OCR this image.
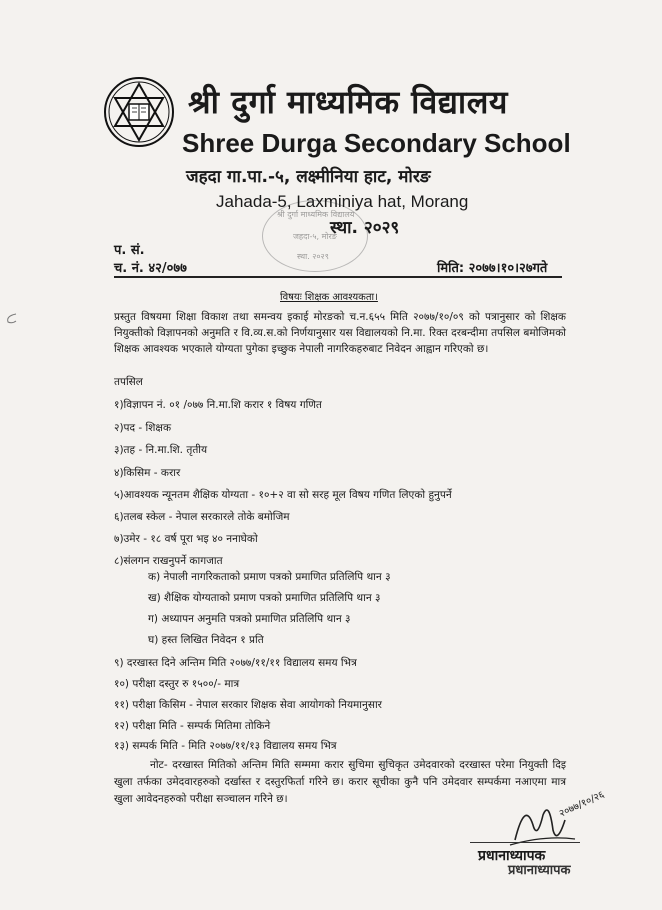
श्री दुर्गा माध्यमिक विद्यालय
Shree Durga Secondary School
जहदा गा.पा.-५, लक्ष्मीनिया हाट, मोरङ
श्री दुर्गा माध्यमिक विद्यालय
जहदा-५, मोरङ
स्था. २०२९
Jahada-5, Laxminiya hat, Morang
स्था. २०२९
प. सं.
च. नं. ४२/०७७	मिति: २०७७।१०।२७गते
विषयः शिक्षक आवश्यकता।
प्रस्तुत विषयमा शिक्षा विकाश तथा समन्वय इकाई मोरङको च.न.६५५ मिति २०७७/१०/०९ को पत्रानुसार को शिक्षक नियुक्तीको विज्ञापनको अनुमति र वि.व्य.स.को निर्णयानुसार यस विद्यालयको नि.मा. रिक्त दरबन्दीमा तपसिल बमोजिमको शिक्षक आवश्यक भएकाले योग्यता पुगेका इच्छुक नेपाली नागरिकहरुबाट निवेदन आह्वान गरिएको छ।
तपसिल
१)विज्ञापन नं. ०१ /०७७ नि.मा.शि करार १ विषय गणित
२)पद - शिक्षक
३)तह - नि.मा.शि. तृतीय
४)किसिम - करार
५)आवश्यक न्यूनतम शैक्षिक योग्यता - १०+२ वा सो सरह मूल विषय गणित लिएको हुनुपर्ने
६)तलब स्केल - नेपाल सरकारले तोके बमोजिम
७)उमेर - १८ वर्ष पूरा भइ ४० ननाघेको
८)संलगन राखनुपर्ने कागजात
क) नेपाली नागरिकताको प्रमाण पत्रको प्रमाणित प्रतिलिपि थान ३
ख) शैक्षिक योग्यताको प्रमाण पत्रको प्रमाणित प्रतिलिपि थान ३
ग) अध्यापन अनुमति पत्रको प्रमाणित प्रतिलिपि थान ३
घ) हस्त लिखित निवेदन १ प्रति
९) दरखास्त दिने अन्तिम मिति २०७७/११/११ विद्यालय समय भित्र
१०) परीक्षा दस्तुर रु १५००/- मात्र
११) परीक्षा किसिम - नेपाल सरकार शिक्षक सेवा आयोगको नियमानुसार
१२) परीक्षा मिति - सम्पर्क मितिमा तोकिने
१३) सम्पर्क मिति - मिति २०७७/११/१३ विद्यालय समय भित्र
नोट- दरखास्त मितिको अन्तिम मिति सम्ममा करार सुचिमा सुचिकृत उमेदवारको दरखास्त परेमा नियुक्ती दिइ खुला तर्फका उमेदवारहरुको दर्खास्त र दस्तुरफिर्ता गरिने छ। करार सूचीका कुनै पनि उमेदवार सम्पर्कमा नआएमा मात्र खुला आवेदनहरुको परीक्षा सञ्चालन गरिने छ।	२०७७/१०/२६
प्रधानाध्यापक
प्रधानाध्यापक
